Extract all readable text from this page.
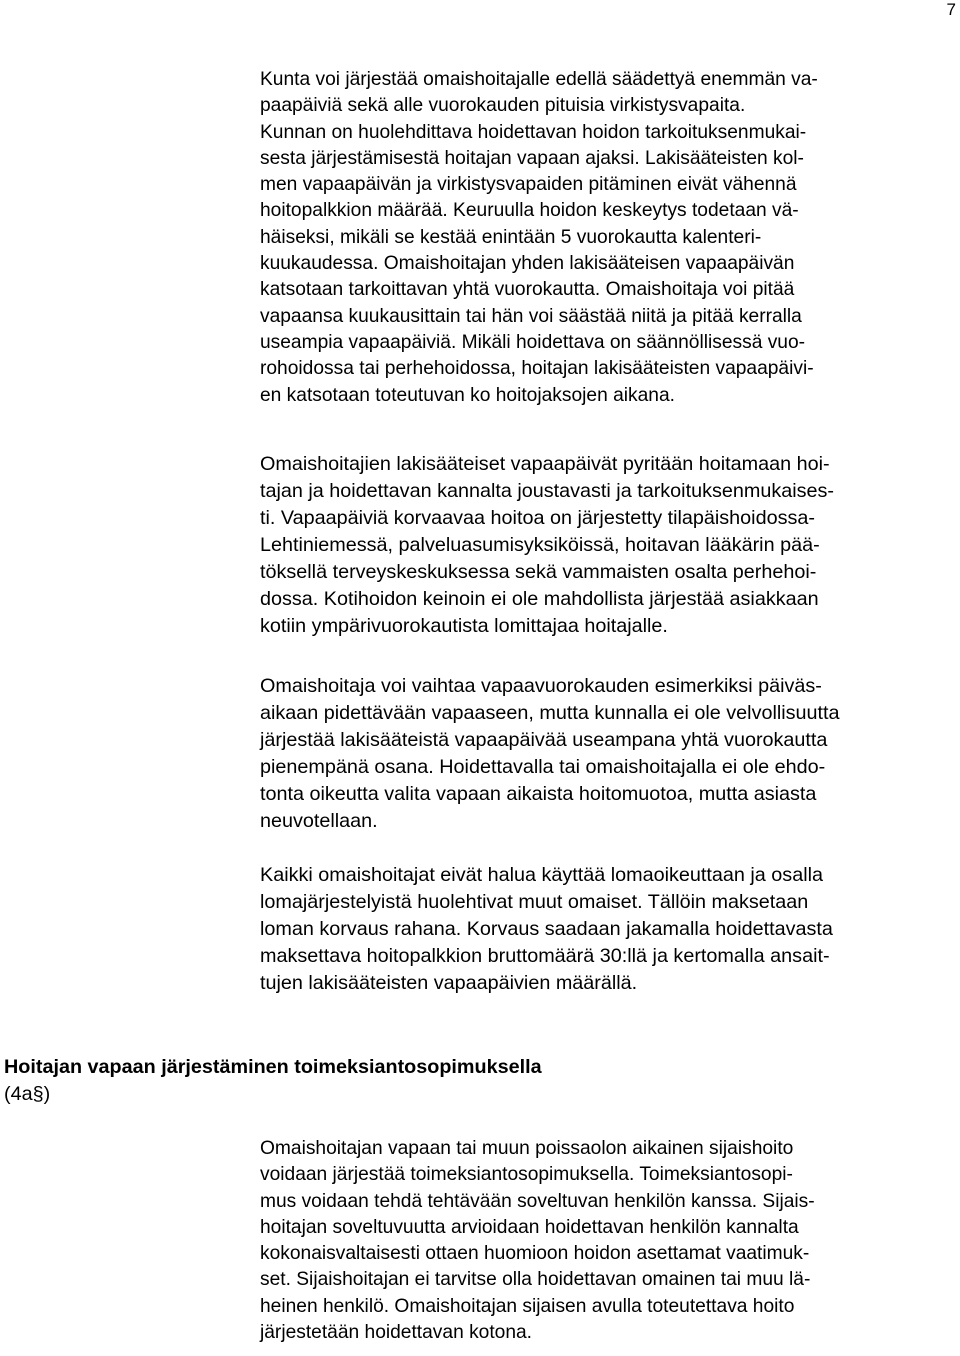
7
Kunta voi järjestää omaishoitajalle edellä säädettyä enemmän va-
paapäiviä sekä alle vuorokauden pituisia virkistysvapaita.
Kunnan on huolehdittava hoidettavan hoidon tarkoituksenmukai-
sesta järjestämisestä hoitajan vapaan ajaksi. Lakisääteisten kol-
men vapaapäivän ja virkistysvapaiden pitäminen eivät vähennä
hoitopalkkion määrää. Keuruulla hoidon keskeytys todetaan vä-
häiseksi, mikäli se kestää enintään 5 vuorokautta kalenteri-
kuukaudessa. Omaishoitajan yhden lakisääteisen vapaapäivän
katsotaan tarkoittavan yhtä vuorokautta. Omaishoitaja voi pitää
vapaansa kuukausittain tai hän voi säästää niitä ja pitää kerralla
useampia vapaapäiviä. Mikäli hoidettava on säännöllisessä vuo-
rohoidossa tai perhehoidossa, hoitajan lakisääteisten vapaapäivi-
en katsotaan toteutuvan ko hoitojaksojen aikana.
Omaishoitajien lakisääteiset vapaapäivät pyritään hoitamaan hoi-
tajan ja hoidettavan kannalta joustavasti ja tarkoituksenmukaises-
ti. Vapaapäiviä korvaavaa hoitoa on järjestetty tilapäishoidossa-
Lehtiniemessä, palveluasumisyksiköissä, hoitavan lääkärin pää-
töksellä terveyskeskuksessa sekä vammaisten osalta perhehoi-
dossa. Kotihoidon keinoin ei ole mahdollista järjestää asiakkaan
kotiin ympärivuorokautista lomittajaa hoitajalle.
Omaishoitaja voi vaihtaa vapaavuorokauden esimerkiksi päiväs-
aikaan pidettävään vapaaseen, mutta kunnalla ei ole velvollisuutta
järjestää lakisääteistä vapaapäivää useampana yhtä vuorokautta
pienempänä osana. Hoidettavalla tai omaishoitajalla ei ole ehdo-
tonta oikeutta valita vapaan aikaista hoitomuotoa, mutta asiasta
neuvotellaan.
Kaikki omaishoitajat eivät halua käyttää lomaoikeuttaan ja osalla
lomajärjestelyistä huolehtivat muut omaiset. Tällöin maksetaan
loman korvaus rahana. Korvaus saadaan jakamalla hoidettavasta
maksettava hoitopalkkion bruttomäärä 30:llä ja kertomalla ansait-
tujen lakisääteisten vapaapäivien määrällä.
Hoitajan vapaan järjestäminen toimeksiantosopimuksella
(4a§)
Omaishoitajan vapaan tai muun poissaolon aikainen sijaishoito
voidaan järjestää toimeksiantosopimuksella. Toimeksiantosopi-
mus voidaan tehdä tehtävään soveltuvan henkilön kanssa. Sijais-
hoitajan soveltuvuutta arvioidaan hoidettavan henkilön kannalta
kokonaisvaltaisesti ottaen huomioon hoidon asettamat vaatimuk-
set. Sijaishoitajan ei tarvitse olla hoidettavan omainen tai muu lä-
heinen henkilö. Omaishoitajan sijaisen avulla toteutettava hoito
järjestetään hoidettavan kotona.
